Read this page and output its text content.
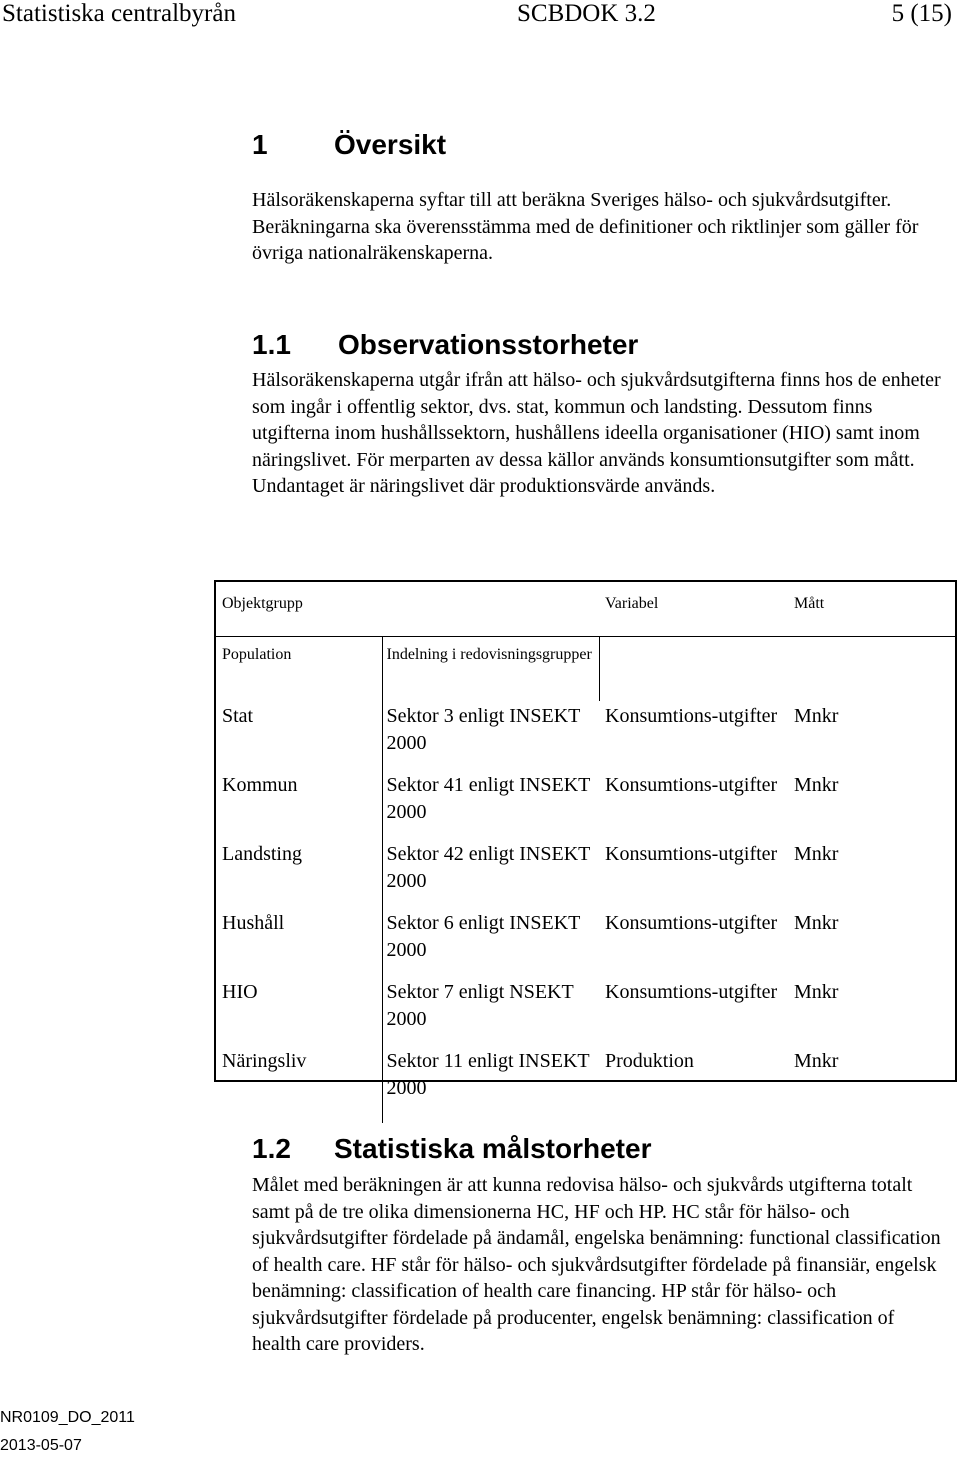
Statistiska centralbyrån	SCBDOK 3.2	5 (15)
1 Översikt

Hälsoräkenskaperna syftar till att beräkna Sveriges hälso- och sjukvårdsutgifter. Beräkningarna ska överensstämma med de definitioner och riktlinjer som gäller för övriga nationalräkenskaperna.

1.1 Observationsstorheter

Hälsoräkenskaperna utgår ifrån att hälso- och sjukvårdsutgifterna finns hos de enheter som ingår i offentlig sektor, dvs. stat, kommun och landsting. Dessutom finns utgifterna inom hushållssektorn, hushållens ideella organisationer (HIO) samt inom näringslivet. För merparten av dessa källor används konsumtionsutgifter som mått. Undantaget är näringslivet där produktionsvärde används.

Objektgrupp		Variabel	Mått
Population	Indelning i redovisningsgrupper		
Stat	Sektor 3 enligt INSEKT 2000	Konsumtions-utgifter	Mnkr
Kommun	Sektor 41 enligt INSEKT 2000	Konsumtions-utgifter	Mnkr
Landsting	Sektor 42 enligt INSEKT 2000	Konsumtions-utgifter	Mnkr
Hushåll	Sektor 6 enligt INSEKT 2000	Konsumtions-utgifter	Mnkr
HIO	Sektor 7 enligt NSEKT 2000	Konsumtions-utgifter	Mnkr
Näringsliv	Sektor 11 enligt INSEKT 2000	Produktion	Mnkr
1.2 Statistiska målstorheter

Målet med beräkningen är att kunna redovisa hälso- och sjukvårds utgifterna totalt samt på de tre olika dimensionerna HC, HF och HP. HC står för hälso- och sjukvårdsutgifter fördelade på ändamål, engelska benämning: functional classification of health care. HF står för hälso- och sjukvårdsutgifter fördelade på finansiär, engelsk benämning: classification of health care financing. HP står för hälso- och sjukvårdsutgifter fördelade på producenter, engelsk benämning: classification of health care providers.

NR0109_DO_2011
2013-05-07
